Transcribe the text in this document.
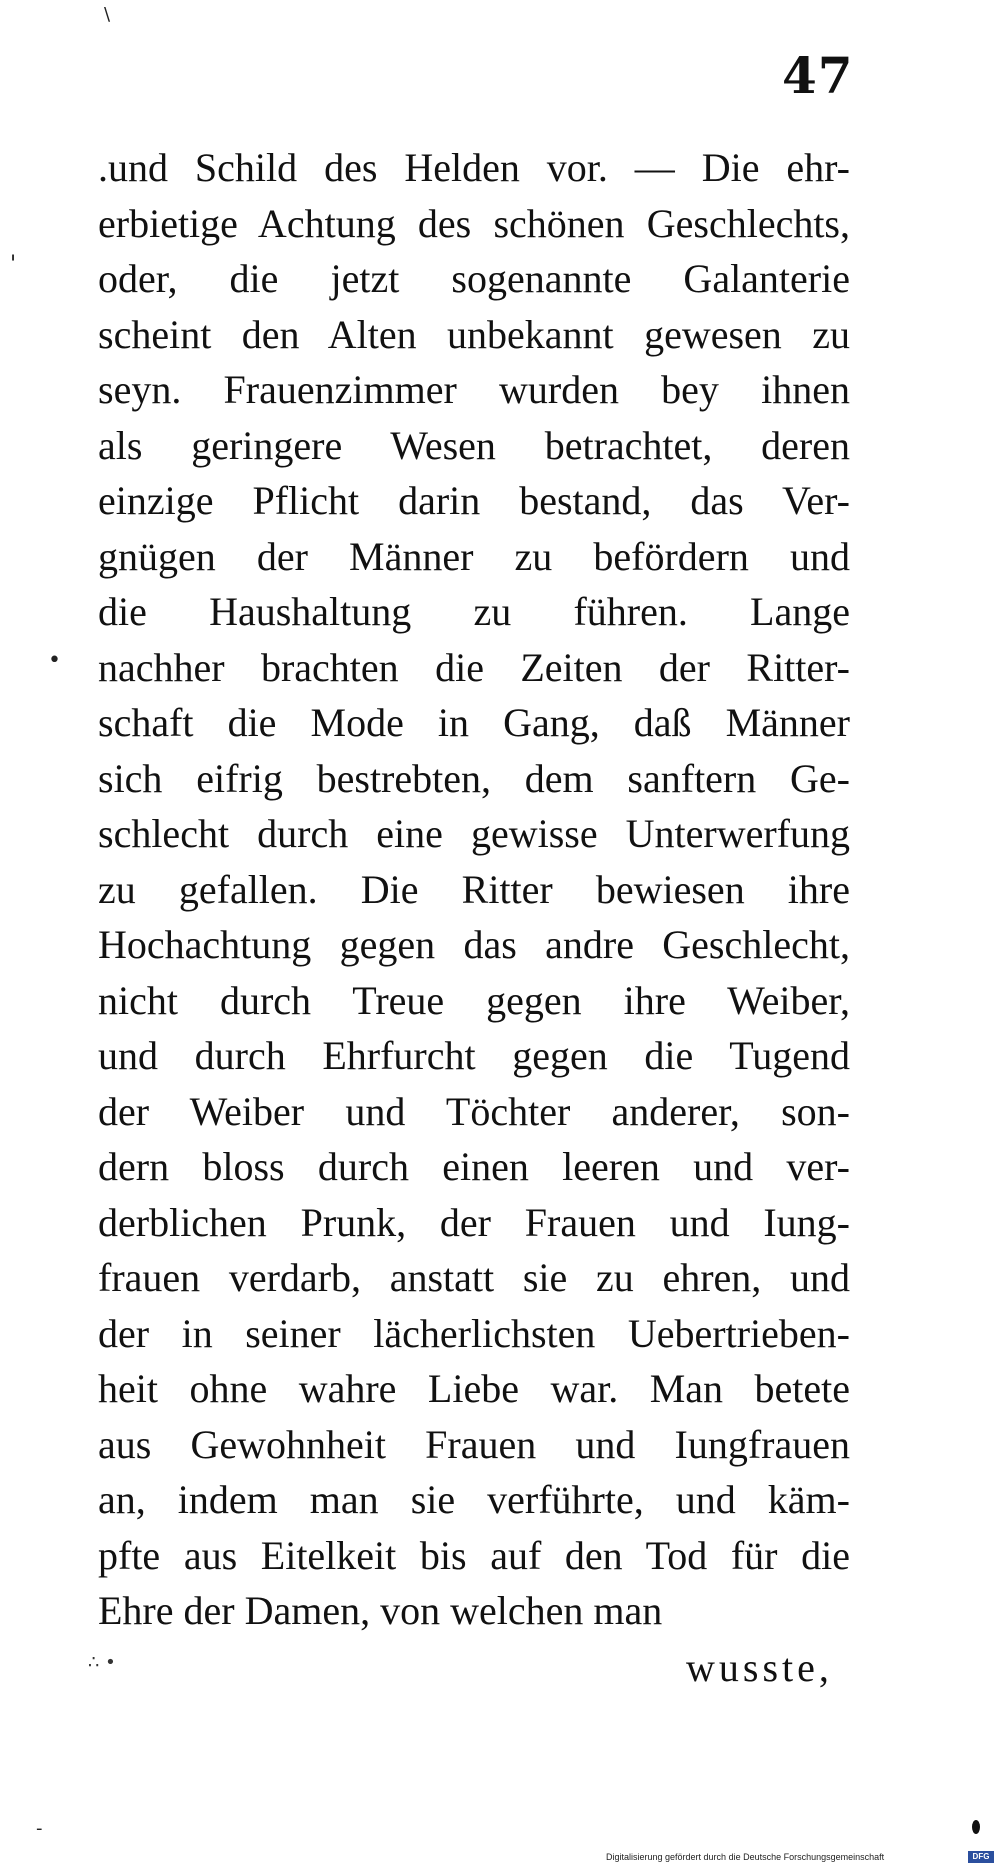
\
'
•
-
47
.und Schild des Helden vor. — Die ehr-
erbietige Achtung des schönen Geschlechts,
oder, die jetzt sogenannte Galanterie
scheint den Alten unbekannt gewesen zu
seyn. Frauenzimmer wurden bey ihnen
als geringere Wesen betrachtet, deren
einzige Pflicht darin bestand, das Ver-
gnügen der Männer zu befördern und
die Haushaltung zu führen. Lange
nachher brachten die Zeiten der Ritter-
schaft die Mode in Gang, daß Männer
sich eifrig bestrebten, dem sanftern Ge-
schlecht durch eine gewisse Unterwerfung
zu gefallen. Die Ritter bewiesen ihre
Hochachtung gegen das andre Geschlecht,
nicht durch Treue gegen ihre Weiber,
und durch Ehrfurcht gegen die Tugend
der Weiber und Töchter anderer, son-
dern bloss durch einen leeren und ver-
derblichen Prunk, der Frauen und Iung-
frauen verdarb, anstatt sie zu ehren, und
der in seiner lächerlichsten Uebertrieben-
heit ohne wahre Liebe war. Man betete
aus Gewohnheit Frauen und Iungfrauen
an, indem man sie verführte, und käm-
pfte aus Eitelkeit bis auf den Tod für die
Ehre der Damen, von welchen man
∴ •	wusste,
Digitalisierung gefördert durch die Deutsche Forschungsgemeinschaft	DFG
